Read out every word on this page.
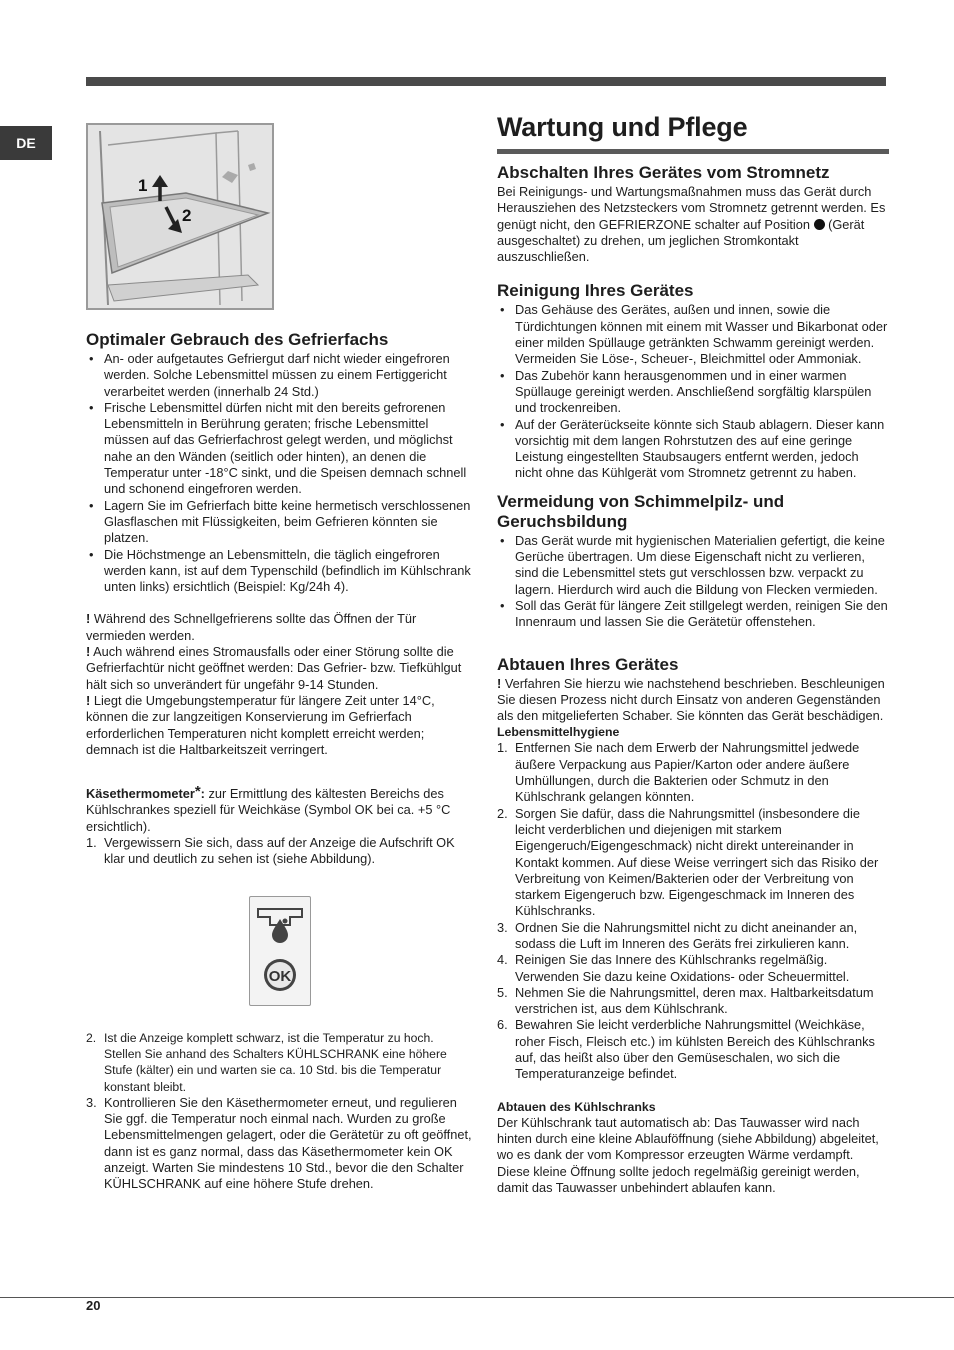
DE
1
2
Optimaler Gebrauch des Gefrierfachs
• An- oder aufgetautes Gefriergut darf nicht wieder eingefroren werden. Solche Lebensmittel müssen zu einem Fertiggericht verarbeitet werden (innerhalb 24 Std.)
• Frische Lebensmittel dürfen nicht mit den bereits gefrorenen Lebensmitteln in Berührung geraten; frische Lebensmittel müssen auf das Gefrierfachrost gelegt werden, und möglichst nahe an den Wänden (seitlich oder hinten), an denen die Temperatur unter -18°C sinkt, und die Speisen demnach schnell und schonend eingefroren werden.
• Lagern Sie im Gefrierfach bitte keine hermetisch verschlossenen Glasflaschen mit Flüssigkeiten, beim Gefrieren könnten sie platzen.
• Die Höchstmenge an Lebensmitteln, die täglich eingefroren werden kann, ist auf dem Typenschild (befindlich im Kühlschrank unten links) ersichtlich (Beispiel: Kg/24h 4).

! Während des Schnellgefrierens sollte das Öffnen der Tür vermieden werden.

! Auch während eines Stromausfalls oder einer Störung sollte die Gefrierfachtür nicht geöffnet werden: Das Gefrier- bzw. Tiefkühlgut hält sich so unverändert für ungefähr 9-14 Stunden.

! Liegt die Umgebungstemperatur für längere Zeit unter 14°C, können die zur langzeitigen Konservierung im Gefrierfach erforderlichen Temperaturen nicht komplett erreicht werden; demnach ist die Haltbarkeitszeit verringert.

Käsethermometer*: zur Ermittlung des kältesten Bereichs des Kühlschrankes speziell für Weichkäse (Symbol OK bei ca. +5 °C ersichtlich).

1. Vergewissern Sie sich, dass auf der Anzeige die Aufschrift OK klar und deutlich zu sehen ist (siehe Abbildung).
OK
2. Ist die Anzeige komplett schwarz, ist die Temperatur zu hoch. Stellen Sie anhand des Schalters KÜHLSCHRANK eine höhere Stufe (kälter) ein und warten sie ca. 10 Std. bis die Temperatur konstant bleibt.
3. Kontrollieren Sie den Käsethermometer erneut, und regulieren Sie ggf. die Temperatur noch einmal nach. Wurden zu große Lebensmittelmengen gelagert, oder die Gerätetür zu oft geöffnet, dann ist es ganz normal, dass das Käsethermometer kein OK anzeigt. Warten Sie mindestens 10 Std., bevor die den Schalter KÜHLSCHRANK auf eine höhere Stufe drehen.
Wartung und Pflege
Abschalten Ihres Gerätes vom Stromnetz

Bei Reinigungs- und Wartungsmaßnahmen muss das Gerät durch Herausziehen des Netzsteckers vom Stromnetz getrennt werden. Es genügt nicht, den GEFRIERZONE schalter auf Position  (Gerät ausgeschaltet) zu drehen, um jeglichen Stromkontakt auszuschließen.

Reinigung Ihres Gerätes
• Das Gehäuse des Gerätes, außen und innen, sowie die Türdichtungen können mit einem mit Wasser und Bikarbonat oder einer milden Spüllauge getränkten Schwamm gereinigt werden. Vermeiden Sie Löse-, Scheuer-, Bleichmittel oder Ammoniak.
• Das Zubehör kann herausgenommen und in einer warmen Spüllauge gereinigt werden. Anschließend sorgfältig klarspülen und trockenreiben.
• Auf der Geräterückseite könnte sich Staub ablagern. Dieser kann vorsichtig mit dem langen Rohrstutzen des auf eine geringe Leistung eingestellten Staubsaugers entfernt werden, jedoch nicht ohne das Kühlgerät vom Stromnetz getrennt zu haben.
Vermeidung von Schimmelpilz- und Geruchsbildung
• Das Gerät wurde mit hygienischen Materialien gefertigt, die keine Gerüche übertragen. Um diese Eigenschaft nicht zu verlieren, sind die Lebensmittel stets gut verschlossen bzw. verpackt zu lagern. Hierdurch wird auch die Bildung von Flecken vermieden.
• Soll das Gerät für längere Zeit stillgelegt werden, reinigen Sie den Innenraum und lassen Sie die Gerätetür offenstehen.
Abtauen Ihres Gerätes

! Verfahren Sie hierzu wie nachstehend beschrieben. Beschleunigen Sie diesen Prozess nicht durch Einsatz von anderen Gegenständen als den mitgelieferten Schaber. Sie könnten das Gerät beschädigen.

Lebensmittelhygiene
1. Entfernen Sie nach dem Erwerb der Nahrungsmittel jedwede äußere Verpackung aus Papier/Karton oder andere äußere Umhüllungen, durch die Bakterien oder Schmutz in den Kühlschrank gelangen könnten.
2. Sorgen Sie dafür, dass die Nahrungsmittel (insbesondere die leicht verderblichen und diejenigen mit starkem Eigengeruch/Eigengeschmack) nicht direkt untereinander in Kontakt kommen. Auf diese Weise verringert sich das Risiko der Verbreitung von Keimen/Bakterien oder der Verbreitung von starkem Eigengeruch bzw. Eigengeschmack im Inneren des Kühlschranks.
3. Ordnen Sie die Nahrungsmittel nicht zu dicht aneinander an, sodass die Luft im Inneren des Geräts frei zirkulieren kann.
4. Reinigen Sie das Innere des Kühlschranks regelmäßig. Verwenden Sie dazu keine Oxidations- oder Scheuermittel.
5. Nehmen Sie die Nahrungsmittel, deren max. Haltbarkeitsdatum verstrichen ist, aus dem Kühlschrank.
6. Bewahren Sie leicht verderbliche Nahrungsmittel (Weichkäse, roher Fisch, Fleisch etc.) im kühlsten Bereich des Kühlschranks auf, das heißt also über den Gemüseschalen, wo sich die Temperaturanzeige befindet.
Abtauen des Kühlschranks

Der Kühlschrank taut automatisch ab: Das Tauwasser wird nach hinten durch eine kleine Ablauföffnung (siehe Abbildung) abgeleitet, wo es dank der vom Kompressor erzeugten Wärme verdampft. Diese kleine Öffnung sollte jedoch regelmäßig gereinigt werden, damit das Tauwasser unbehindert ablaufen kann.

20
